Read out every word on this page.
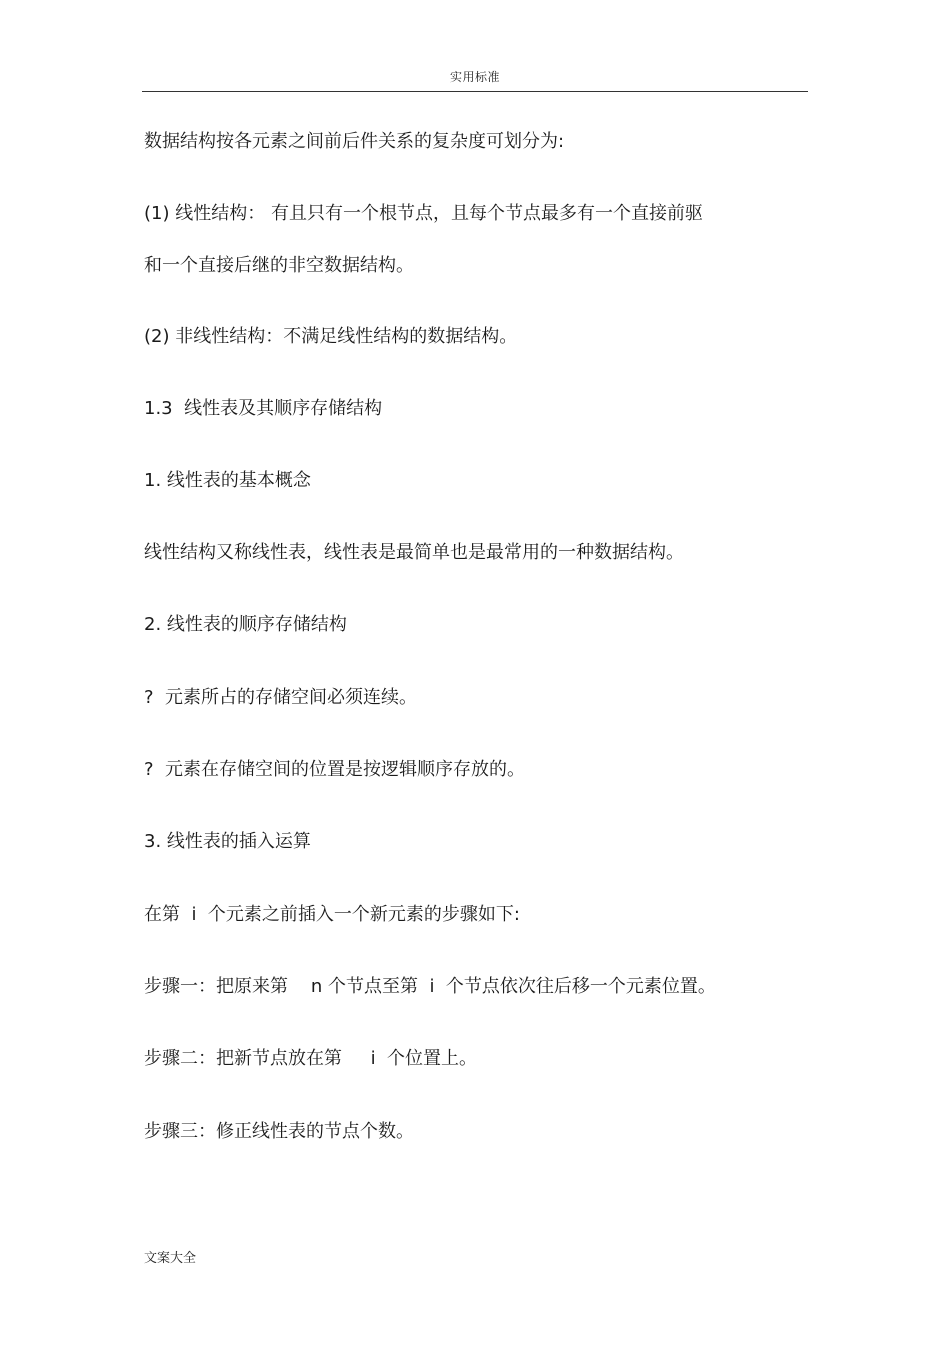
实用标准
数据结构按各元素之间前后件关系的复杂度可划分为:
(1) 线性结构： 有且只有一个根节点，且每个节点最多有一个直接前驱
和一个直接后继的非空数据结构。
(2) 非线性结构：不满足线性结构的数据结构。
1.3  线性表及其顺序存储结构
1. 线性表的基本概念
线性结构又称线性表，线性表是最简单也是最常用的一种数据结构。
2. 线性表的顺序存储结构
?  元素所占的存储空间必须连续。
?  元素在存储空间的位置是按逻辑顺序存放的。
3. 线性表的插入运算
在第  i  个元素之前插入一个新元素的步骤如下:
步骤一：把原来第    n 个节点至第  i  个节点依次往后移一个元素位置。
步骤二：把新节点放在第     i  个位置上。
步骤三：修正线性表的节点个数。
文案大全
